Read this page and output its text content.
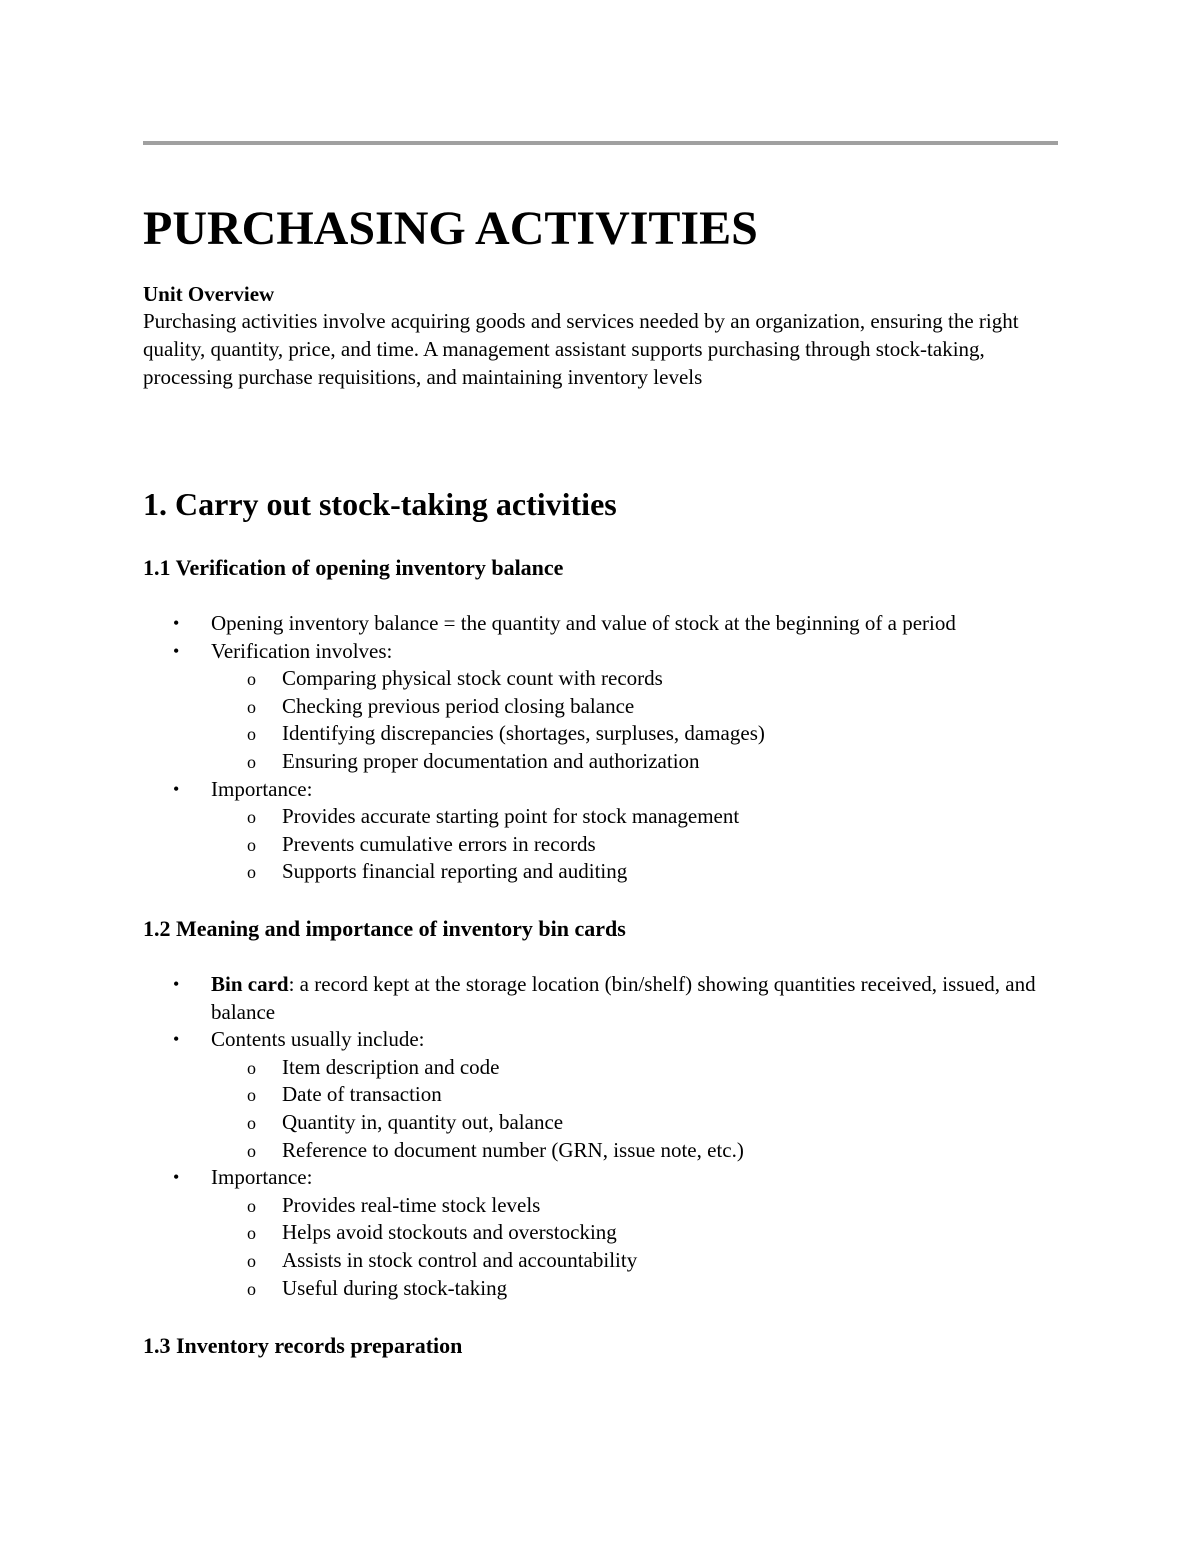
PURCHASING ACTIVITIES
Unit Overview

Purchasing activities involve acquiring goods and services needed by an organization, ensuring the right quality, quantity, price, and time. A management assistant supports purchasing through stock-taking, processing purchase requisitions, and maintaining inventory levels

1. Carry out stock-taking activities
1.1 Verification of opening inventory balance
• Opening inventory balance = the quantity and value of stock at the beginning of a period
• Verification involves:
o Comparing physical stock count with records
o Checking previous period closing balance
o Identifying discrepancies (shortages, surpluses, damages)
o Ensuring proper documentation and authorization
• Importance:
o Provides accurate starting point for stock management
o Prevents cumulative errors in records
o Supports financial reporting and auditing
1.2 Meaning and importance of inventory bin cards
• Bin card: a record kept at the storage location (bin/shelf) showing quantities received, issued, and balance
• Contents usually include:
o Item description and code
o Date of transaction
o Quantity in, quantity out, balance
o Reference to document number (GRN, issue note, etc.)
• Importance:
o Provides real-time stock levels
o Helps avoid stockouts and overstocking
o Assists in stock control and accountability
o Useful during stock-taking
1.3 Inventory records preparation
